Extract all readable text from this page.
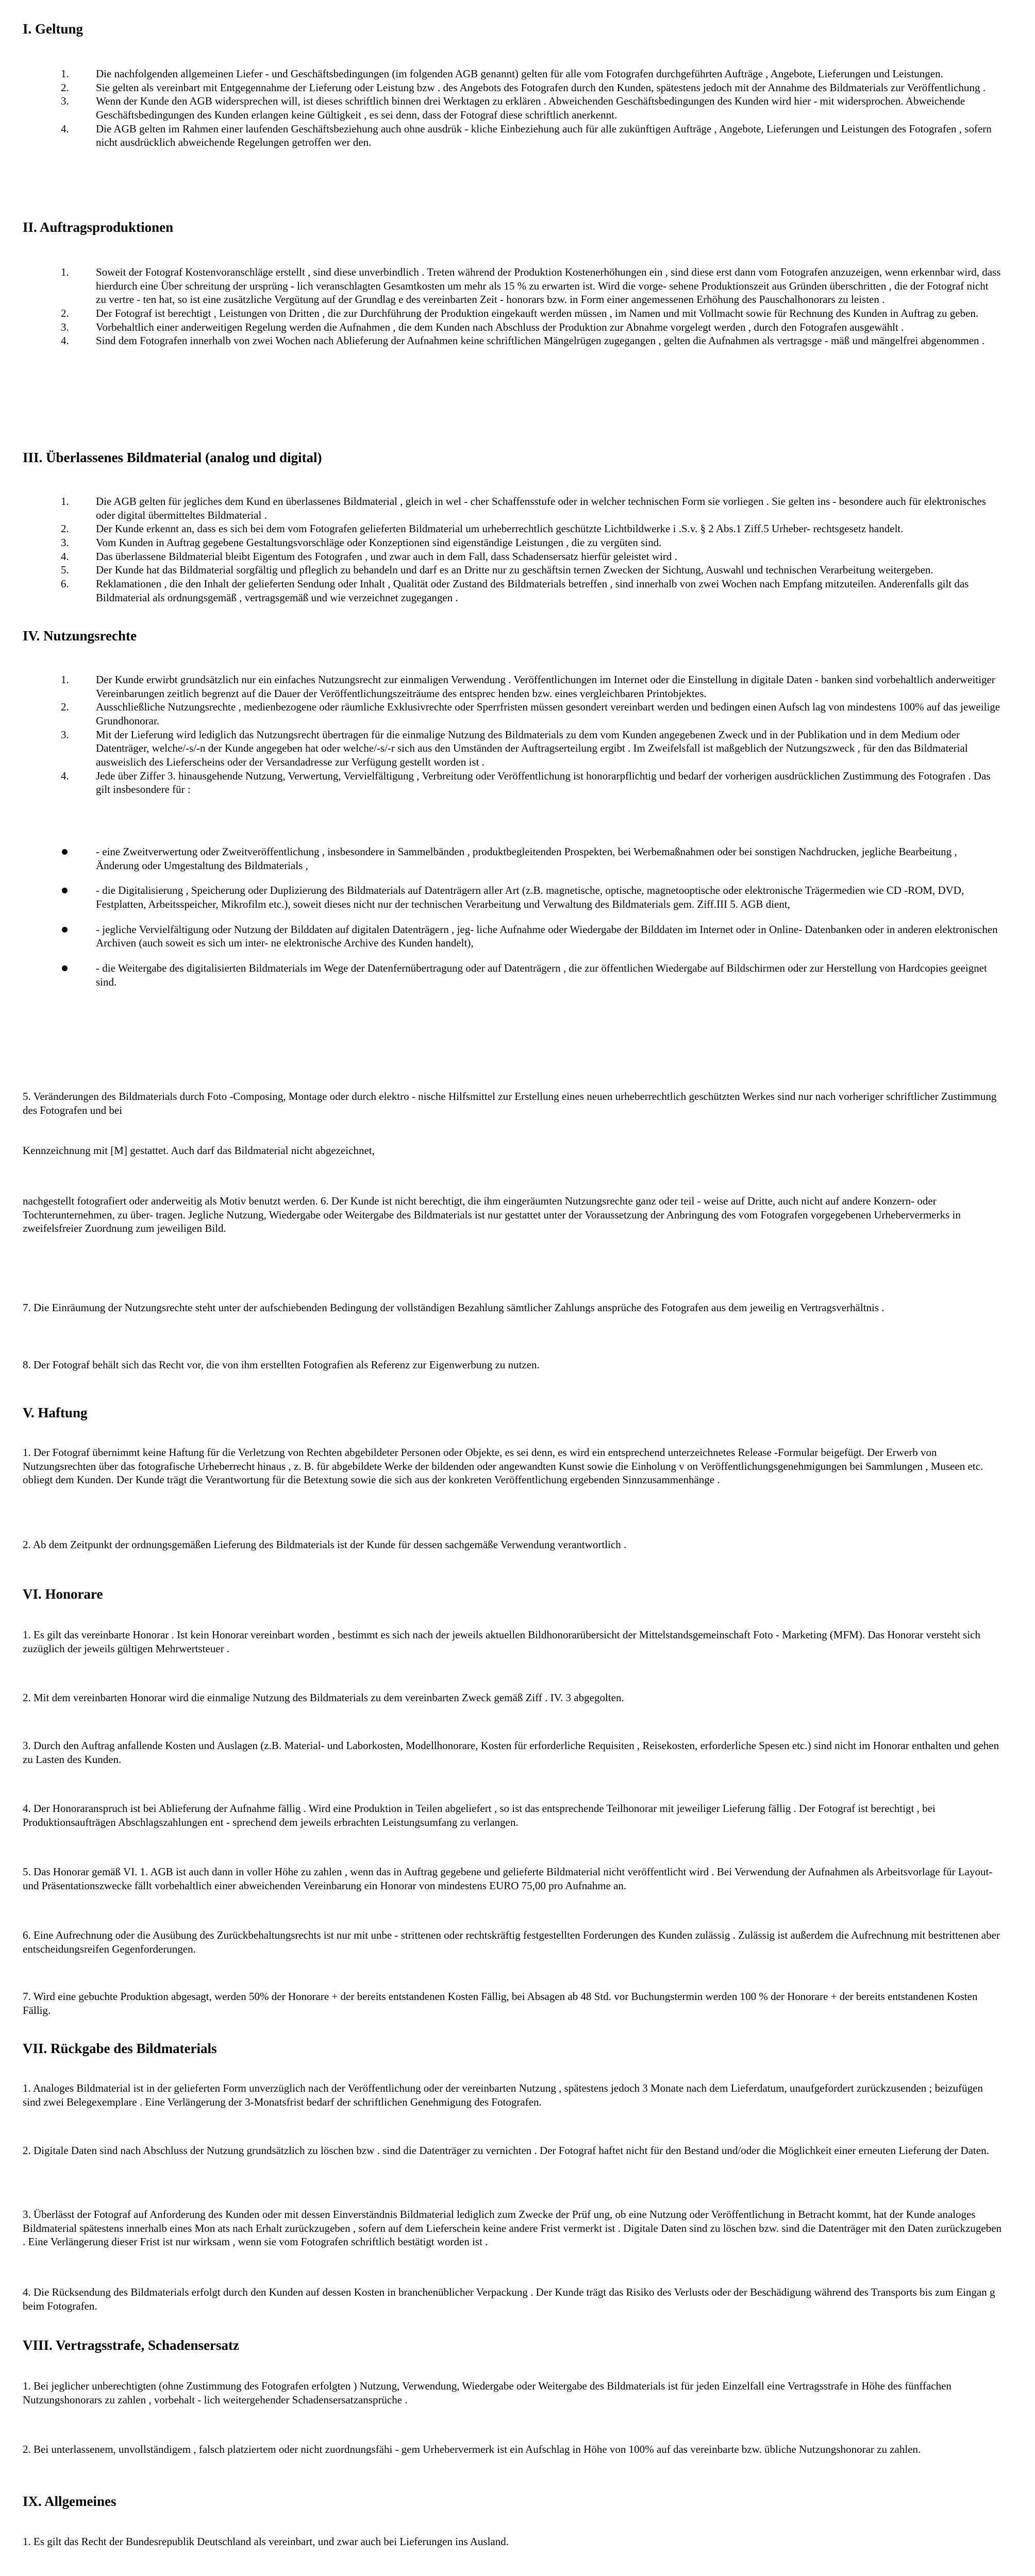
I. Geltung
1. Die nachfolgenden allgemeinen Liefer - und Geschäftsbedingungen (im folgenden AGB genannt) gelten für alle vom Fotografen durchgeführten Aufträge , Angebote, Lieferungen und Leistungen.
2. Sie gelten als vereinbart mit Entgegennahme der Lieferung oder Leistung bzw . des Angebots des Fotografen durch den Kunden, spätestens jedoch mit der Annahme des Bildmaterials zur Veröffentlichung .
3. Wenn der Kunde den AGB widersprechen will, ist dieses schriftlich binnen drei Werktagen zu erklären . Abweichenden Geschäftsbedingungen des Kunden wird hier - mit widersprochen. Abweichende Geschäftsbedingungen des Kunden erlangen keine Gültigkeit , es sei denn, dass der Fotograf diese schriftlich anerkennt.
4. Die AGB gelten im Rahmen einer laufenden Geschäftsbeziehung auch ohne ausdrük - kliche Einbeziehung auch für alle zukünftigen Aufträge , Angebote, Lieferungen und Leistungen des Fotografen , sofern nicht ausdrücklich abweichende Regelungen getroffen wer den.
II. Auftragsproduktionen
1. Soweit der Fotograf Kostenvoranschläge erstellt , sind diese unverbindlich . Treten während der Produktion Kostenerhöhungen ein , sind diese erst dann vom Fotografen anzuzeigen, wenn erkennbar wird, dass hierdurch eine Über schreitung der ursprüng - lich veranschlagten Gesamtkosten um mehr als 15 % zu erwarten ist. Wird die vorge- sehene Produktionszeit aus Gründen überschritten , die der Fotograf nicht zu vertre - ten hat, so ist eine zusätzliche Vergütung auf der Grundlag e des vereinbarten Zeit - honorars bzw. in Form einer angemessenen Erhöhung des Pauschalhonorars zu leisten .
2. Der Fotograf ist berechtigt , Leistungen von Dritten , die zur Durchführung der Produktion eingekauft werden müssen , im Namen und mit Vollmacht sowie für Rechnung des Kunden in Auftrag zu geben.
3. Vorbehaltlich einer anderweitigen Regelung werden die Aufnahmen , die dem Kunden nach Abschluss der Produktion zur Abnahme vorgelegt werden , durch den Fotografen ausgewählt .
4. Sind dem Fotografen innerhalb von zwei Wochen nach Ablieferung der Aufnahmen keine schriftlichen Mängelrügen zugegangen , gelten die Aufnahmen als vertragsge - mäß und mängelfrei abgenommen .
III. Überlassenes Bildmaterial (analog und digital)
1. Die AGB gelten für jegliches dem Kund en überlassenes Bildmaterial , gleich in wel - cher Schaffensstufe oder in welcher technischen Form sie vorliegen . Sie gelten ins - besondere auch für elektronisches oder digital übermitteltes Bildmaterial .
2. Der Kunde erkennt an, dass es sich bei dem vom Fotografen gelieferten Bildmaterial um urheberrechtlich geschützte Lichtbildwerke i .S.v. § 2 Abs.1 Ziff.5 Urheber- rechtsgesetz handelt.
3. Vom Kunden in Auftrag gegebene Gestaltungsvorschläge oder Konzeptionen sind eigenständige Leistungen , die zu vergüten sind.
4. Das überlassene Bildmaterial bleibt Eigentum des Fotografen , und zwar auch in dem Fall, dass Schadensersatz hierfür geleistet wird .
5. Der Kunde hat das Bildmaterial sorgfältig und pfleglich zu behandeln und darf es an Dritte nur zu geschäftsin ternen Zwecken der Sichtung, Auswahl und technischen Verarbeitung weitergeben.
6. Reklamationen , die den Inhalt der gelieferten Sendung oder Inhalt , Qualität oder Zustand des Bildmaterials betreffen , sind innerhalb von zwei Wochen nach Empfang mitzuteilen. Anderenfalls gilt das Bildmaterial als ordnungsgemäß , vertragsgemäß und wie verzeichnet zugegangen .
IV. Nutzungsrechte
1. Der Kunde erwirbt grundsätzlich nur ein einfaches Nutzungsrecht zur einmaligen Verwendung . Veröffentlichungen im Internet oder die Einstellung in digitale Daten - banken sind vorbehaltlich anderweitiger Vereinbarungen zeitlich begrenzt auf die Dauer der Veröffentlichungszeiträume des entsprec henden bzw. eines vergleichbaren Printobjektes.
2. Ausschließliche Nutzungsrechte , medienbezogene oder räumliche Exklusivrechte oder Sperrfristen müssen gesondert vereinbart werden und bedingen einen Aufsch lag von mindestens 100% auf das jeweilige Grundhonorar.
3. Mit der Lieferung wird lediglich das Nutzungsrecht übertragen für die einmalige Nutzung des Bildmaterials zu dem vom Kunden angegebenen Zweck und in der Publikation und in dem Medium oder Datenträger, welche/-s/-n der Kunde angegeben hat oder welche/-s/-r sich aus den Umständen der Auftragserteilung ergibt . Im Zweifelsfall ist maßgeblich der Nutzungszweck , für den das Bildmaterial ausweislich des Lieferscheins oder der Versandadresse zur Verfügung gestellt worden ist .
4. Jede über Ziffer 3. hinausgehende Nutzung, Verwertung, Vervielfältigung , Verbreitung oder Veröffentlichung ist honorarpflichtig und bedarf der vorherigen ausdrücklichen Zustimmung des Fotografen . Das gilt insbesondere für :
- eine Zweitverwertung oder Zweitveröffentlichung , insbesondere in Sammelbänden , produktbegleitenden Prospekten, bei Werbemaßnahmen oder bei sonstigen Nachdrucken, jegliche Bearbeitung , Änderung oder Umgestaltung des Bildmaterials ,
- die Digitalisierung , Speicherung oder Duplizierung des Bildmaterials auf Datenträgern aller Art (z.B. magnetische, optische, magnetooptische oder elektronische Trägermedien wie CD -ROM, DVD, Festplatten, Arbeitsspeicher, Mikrofilm etc.), soweit dieses nicht nur der technischen Verarbeitung und Verwaltung des Bildmaterials gem. Ziff.III 5. AGB dient,
- jegliche Vervielfältigung oder Nutzung der Bilddaten auf digitalen Datenträgern , jeg- liche Aufnahme oder Wiedergabe der Bilddaten im Internet oder in Online- Datenbanken oder in anderen elektronischen Archiven (auch soweit es sich um inter- ne elektronische Archive des Kunden handelt),
- die Weitergabe des digitalisierten Bildmaterials im Wege der Datenfernübertragung oder auf Datenträgern , die zur öffentlichen Wiedergabe auf Bildschirmen oder zur Herstellung von Hardcopies geeignet sind.

5. Veränderungen des Bildmaterials durch Foto -Composing, Montage oder durch elektro - nische Hilfsmittel zur Erstellung eines neuen urheberrechtlich geschützten Werkes sind nur nach vorheriger schriftlicher Zustimmung des Fotografen und bei

Kennzeichnung mit [M] gestattet. Auch darf das Bildmaterial nicht abgezeichnet,

nachgestellt fotografiert oder anderweitig als Motiv benutzt werden. 6. Der Kunde ist nicht berechtigt, die ihm eingeräumten Nutzungsrechte ganz oder teil - weise auf Dritte, auch nicht auf andere Konzern- oder Tochterunternehmen, zu über- tragen. Jegliche Nutzung, Wiedergabe oder Weitergabe des Bildmaterials ist nur gestattet unter der Voraussetzung der Anbringung des vom Fotografen vorgegebenen Urhebervermerks in zweifelsfreier Zuordnung zum jeweiligen Bild.

7. Die Einräumung der Nutzungsrechte steht unter der aufschiebenden Bedingung der vollständigen Bezahlung sämtlicher Zahlungs ansprüche des Fotografen aus dem jeweilig en Vertragsverhältnis .

8. Der Fotograf behält sich das Recht vor, die von ihm erstellten Fotografien als Referenz zur Eigenwerbung zu nutzen.

V. Haftung

1. Der Fotograf übernimmt keine Haftung für die Verletzung von Rechten abgebildeter Personen oder Objekte, es sei denn, es wird ein entsprechend unterzeichnetes Release -Formular beigefügt. Der Erwerb von Nutzungsrechten über das fotografische Urheberrecht hinaus , z. B. für abgebildete Werke der bildenden oder angewandten Kunst sowie die Einholung v on Veröffentlichungsgenehmigungen bei Sammlungen , Museen etc. obliegt dem Kunden. Der Kunde trägt die Verantwortung für die Betextung sowie die sich aus der konkreten Veröffentlichung ergebenden Sinnzusammenhänge .

2. Ab dem Zeitpunkt der ordnungsgemäßen Lieferung des Bildmaterials ist der Kunde für dessen sachgemäße Verwendung verantwortlich .

VI. Honorare

1. Es gilt das vereinbarte Honorar . Ist kein Honorar vereinbart worden , bestimmt es sich nach der jeweils aktuellen Bildhonorarübersicht der Mittelstandsgemeinschaft Foto - Marketing (MFM). Das Honorar versteht sich zuzüglich der jeweils gültigen Mehrwertsteuer .

2. Mit dem vereinbarten Honorar wird die einmalige Nutzung des Bildmaterials zu dem vereinbarten Zweck gemäß Ziff . IV. 3 abgegolten.

3. Durch den Auftrag anfallende Kosten und Auslagen (z.B. Material- und Laborkosten, Modellhonorare, Kosten für erforderliche Requisiten , Reisekosten, erforderliche Spesen etc.) sind nicht im Honorar enthalten und gehen zu Lasten des Kunden.

4. Der Honoraranspruch ist bei Ablieferung der Aufnahme fällig . Wird eine Produktion in Teilen abgeliefert , so ist das entsprechende Teilhonorar mit jeweiliger Lieferung fällig . Der Fotograf ist berechtigt , bei Produktionsaufträgen Abschlagszahlungen ent - sprechend dem jeweils erbrachten Leistungsumfang zu verlangen.

5. Das Honorar gemäß VI. 1. AGB ist auch dann in voller Höhe zu zahlen , wenn das in Auftrag gegebene und gelieferte Bildmaterial nicht veröffentlicht wird . Bei Verwendung der Aufnahmen als Arbeitsvorlage für Layout- und Präsentationszwecke fällt vorbehaltlich einer abweichenden Vereinbarung ein Honorar von mindestens EURO 75,00 pro Aufnahme an.

6. Eine Aufrechnung oder die Ausübung des Zurückbehaltungsrechts ist nur mit unbe - strittenen oder rechtskräftig festgestellten Forderungen des Kunden zulässig . Zulässig ist außerdem die Aufrechnung mit bestrittenen aber entscheidungsreifen Gegenforderungen.

7. Wird eine gebuchte Produktion abgesagt, werden 50% der Honorare + der bereits entstandenen Kosten Fällig, bei Absagen ab 48 Std. vor Buchungstermin werden 100 % der Honorare + der bereits entstandenen Kosten Fällig.

VII. Rückgabe des Bildmaterials

1. Analoges Bildmaterial ist in der gelieferten Form unverzüglich nach der Veröffentlichung oder der vereinbarten Nutzung , spätestens jedoch 3 Monate nach dem Lieferdatum, unaufgefordert zurückzusenden ; beizufügen sind zwei Belegexemplare . Eine Verlängerung der 3-Monatsfrist bedarf der schriftlichen Genehmigung des Fotografen.

2. Digitale Daten sind nach Abschluss der Nutzung grundsätzlich zu löschen bzw . sind die Datenträger zu vernichten . Der Fotograf haftet nicht für den Bestand und/oder die Möglichkeit einer erneuten Lieferung der Daten.

3. Überlässt der Fotograf auf Anforderung des Kunden oder mit dessen Einverständnis Bildmaterial lediglich zum Zwecke der Prüf ung, ob eine Nutzung oder Veröffentlichung in Betracht kommt, hat der Kunde analoges Bildmaterial spätestens innerhalb eines Mon ats nach Erhalt zurückzugeben , sofern auf dem Lieferschein keine andere Frist vermerkt ist . Digitale Daten sind zu löschen bzw. sind die Datenträger mit den Daten zurückzugeben . Eine Verlängerung dieser Frist ist nur wirksam , wenn sie vom Fotografen schriftlich bestätigt worden ist .

4. Die Rücksendung des Bildmaterials erfolgt durch den Kunden auf dessen Kosten in branchenüblicher Verpackung . Der Kunde trägt das Risiko des Verlusts oder der Beschädigung während des Transports bis zum Eingan g beim Fotografen.

VIII. Vertragsstrafe, Schadensersatz

1. Bei jeglicher unberechtigten (ohne Zustimmung des Fotografen erfolgten ) Nutzung, Verwendung, Wiedergabe oder Weitergabe des Bildmaterials ist für jeden Einzelfall eine Vertragsstrafe in Höhe des fünffachen Nutzungshonorars zu zahlen , vorbehalt - lich weitergehender Schadensersatzansprüche .

2. Bei unterlassenem, unvollständigem , falsch platziertem oder nicht zuordnungsfähi - gem Urhebervermerk ist ein Aufschlag in Höhe von 100% auf das vereinbarte bzw. übliche Nutzungshonorar zu zahlen.

IX. Allgemeines

1. Es gilt das Recht der Bundesrepublik Deutschland als vereinbart, und zwar auch bei Lieferungen ins Ausland.
